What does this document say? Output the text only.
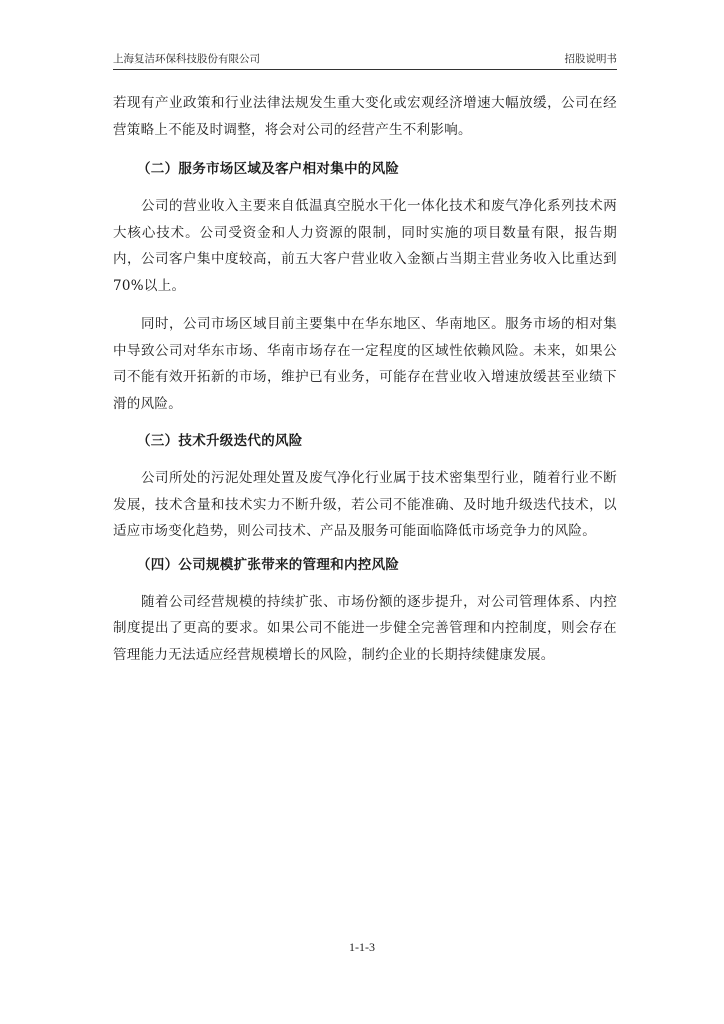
上海复洁环保科技股份有限公司	招股说明书

若现有产业政策和行业法律法规发生重大变化或宏观经济增速大幅放缓，公司在经营策略上不能及时调整，将会对公司的经营产生不利影响。

（二）服务市场区域及客户相对集中的风险

公司的营业收入主要来自低温真空脱水干化一体化技术和废气净化系列技术两大核心技术。公司受资金和人力资源的限制，同时实施的项目数量有限，报告期内，公司客户集中度较高，前五大客户营业收入金额占当期主营业务收入比重达到 70%以上。

同时，公司市场区域目前主要集中在华东地区、华南地区。服务市场的相对集中导致公司对华东市场、华南市场存在一定程度的区域性依赖风险。未来，如果公司不能有效开拓新的市场，维护已有业务，可能存在营业收入增速放缓甚至业绩下滑的风险。

（三）技术升级迭代的风险

公司所处的污泥处理处置及废气净化行业属于技术密集型行业，随着行业不断发展，技术含量和技术实力不断升级，若公司不能准确、及时地升级迭代技术，以适应市场变化趋势，则公司技术、产品及服务可能面临降低市场竞争力的风险。

（四）公司规模扩张带来的管理和内控风险

随着公司经营规模的持续扩张、市场份额的逐步提升，对公司管理体系、内控制度提出了更高的要求。如果公司不能进一步健全完善管理和内控制度，则会存在管理能力无法适应经营规模增长的风险，制约企业的长期持续健康发展。

1-1-3
